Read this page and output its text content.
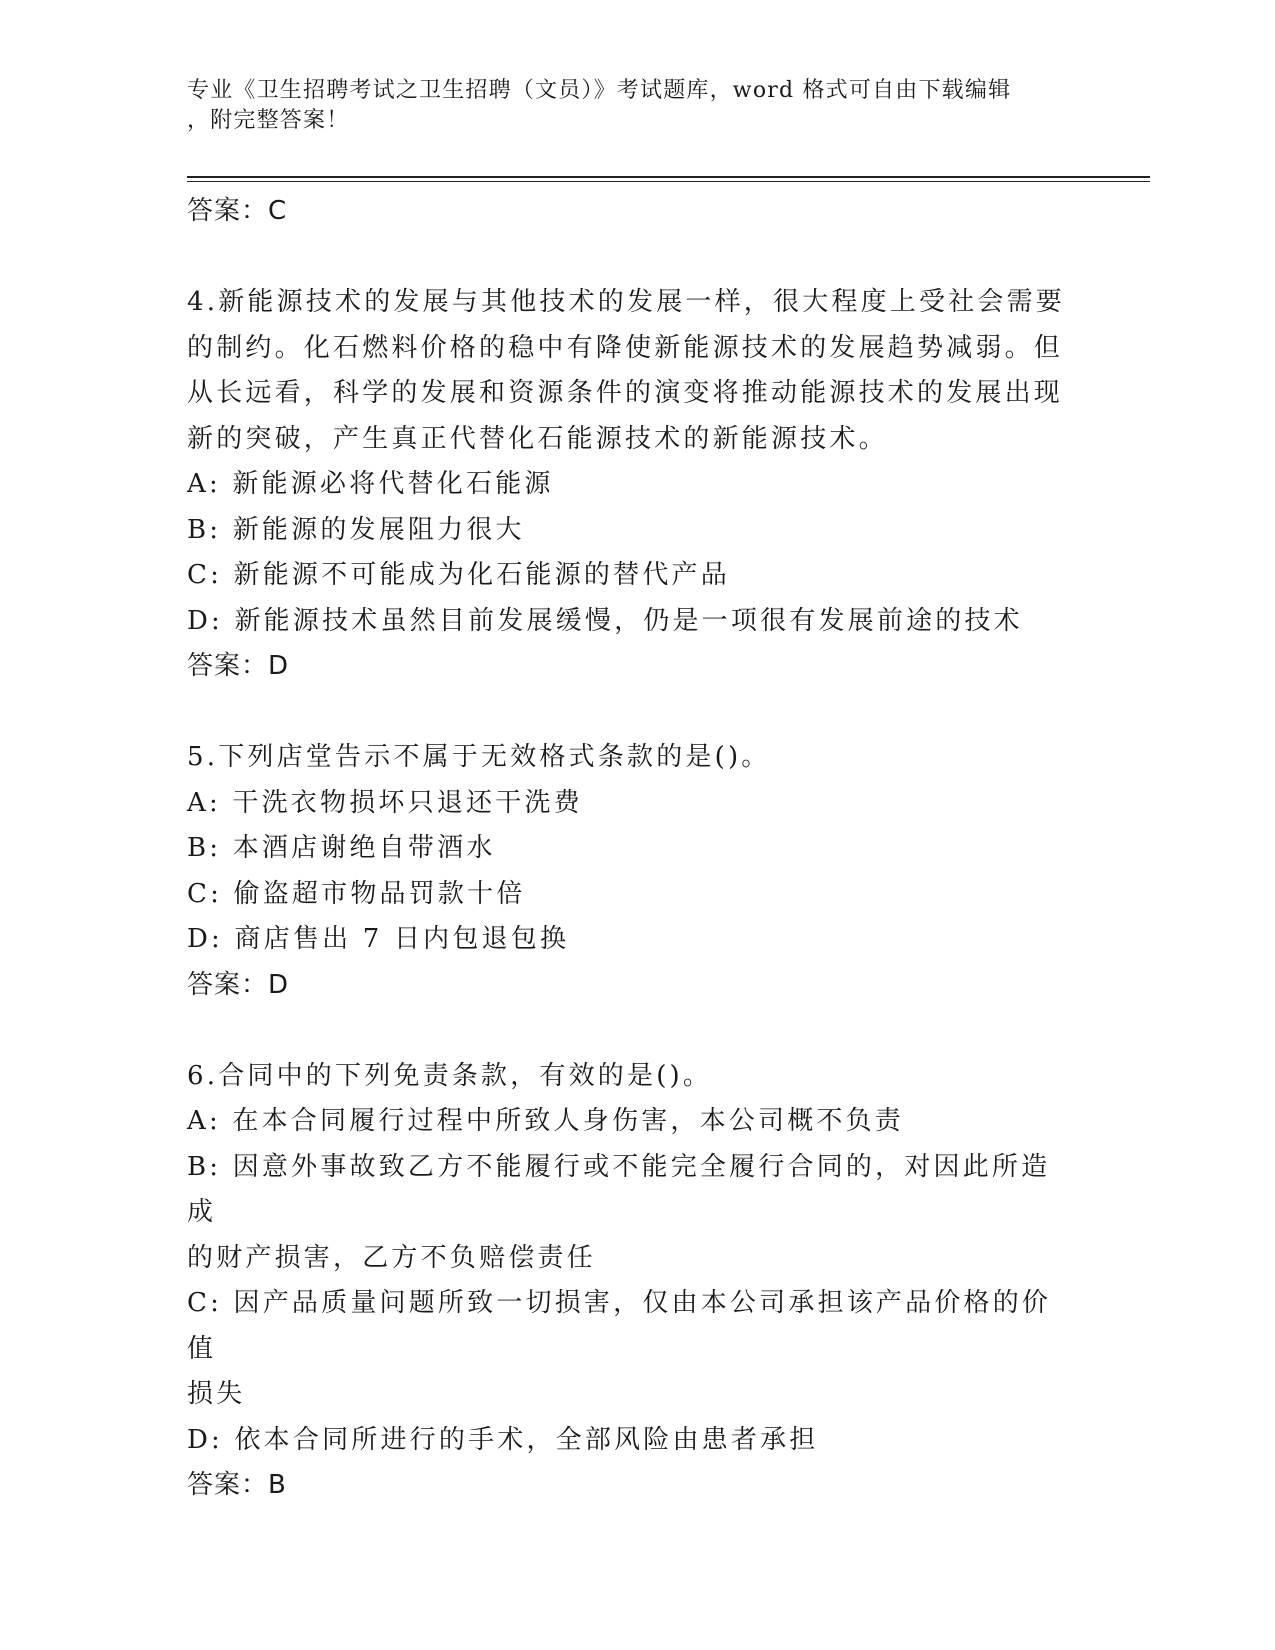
专业《卫生招聘考试之卫生招聘（文员）》考试题库，word 格式可自由下载编辑
，附完整答案！

答案：C

4.新能源技术的发展与其他技术的发展一样，很大程度上受社会需要

的制约。化石燃料价格的稳中有降使新能源技术的发展趋势减弱。但

从长远看，科学的发展和资源条件的演变将推动能源技术的发展出现

新的突破，产生真正代替化石能源技术的新能源技术。

A: 新能源必将代替化石能源

B: 新能源的发展阻力很大

C: 新能源不可能成为化石能源的替代产品

D: 新能源技术虽然目前发展缓慢，仍是一项很有发展前途的技术

答案：D

5.下列店堂告示不属于无效格式条款的是()。

A: 干洗衣物损坏只退还干洗费

B: 本酒店谢绝自带酒水

C: 偷盗超市物品罚款十倍

D: 商店售出 7 日内包退包换

答案：D

6.合同中的下列免责条款，有效的是()。

A: 在本合同履行过程中所致人身伤害，本公司概不负责

B: 因意外事故致乙方不能履行或不能完全履行合同的，对因此所造成

的财产损害，乙方不负赔偿责任

C: 因产品质量问题所致一切损害，仅由本公司承担该产品价格的价值

损失

D: 依本合同所进行的手术，全部风险由患者承担

答案：B
